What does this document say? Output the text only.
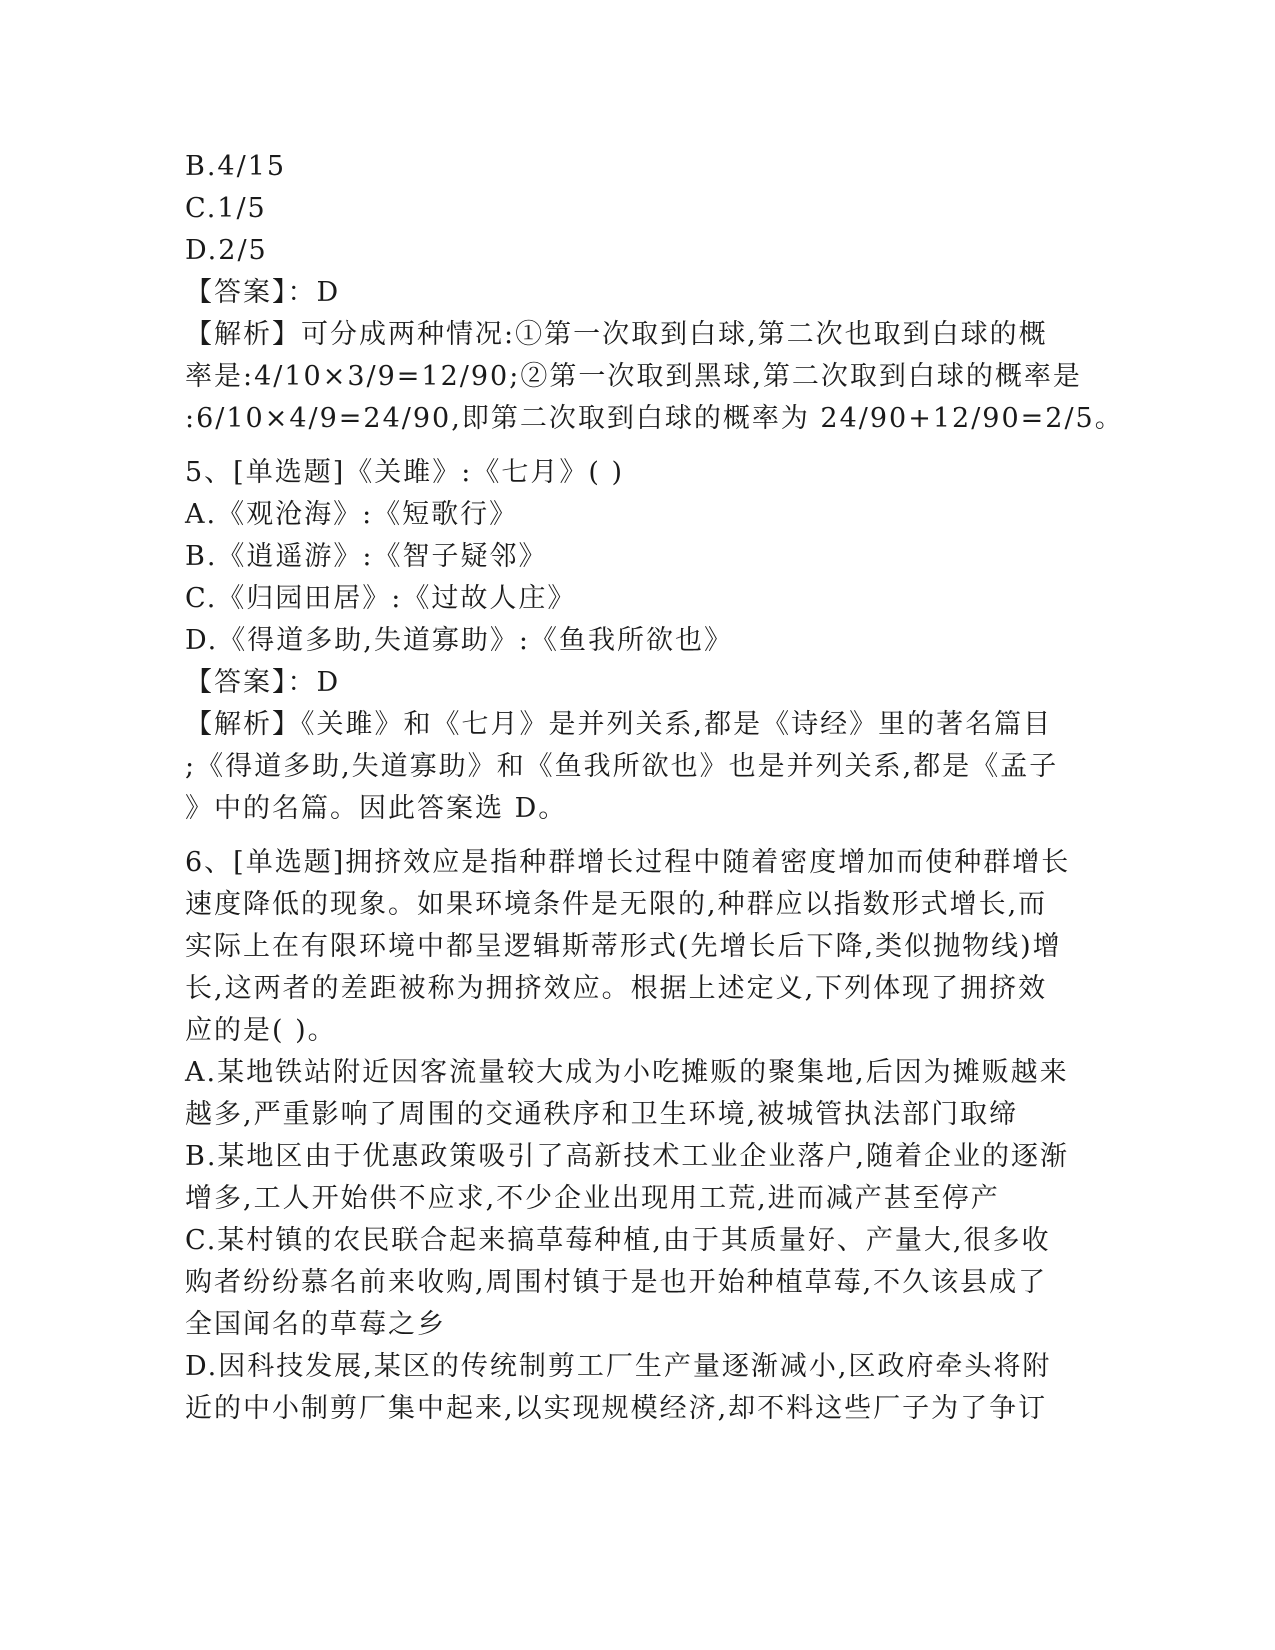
B.4/15
C.1/5
D.2/5
【答案】：D
【解析】可分成两种情况:①第一次取到白球,第二次也取到白球的概
率是:4/10×3/9=12/90;②第一次取到黑球,第二次取到白球的概率是
:6/10×4/9=24/90,即第二次取到白球的概率为 24/90+12/90=2/5。
5、[单选题]《关雎》:《七月》( )
A.《观沧海》:《短歌行》
B.《逍遥游》:《智子疑邻》
C.《归园田居》:《过故人庄》
D.《得道多助,失道寡助》:《鱼我所欲也》
【答案】：D
【解析】《关雎》和《七月》是并列关系,都是《诗经》里的著名篇目
;《得道多助,失道寡助》和《鱼我所欲也》也是并列关系,都是《孟子
》中的名篇。因此答案选 D。
6、[单选题]拥挤效应是指种群增长过程中随着密度增加而使种群增长
速度降低的现象。如果环境条件是无限的,种群应以指数形式增长,而
实际上在有限环境中都呈逻辑斯蒂形式(先增长后下降,类似抛物线)增
长,这两者的差距被称为拥挤效应。根据上述定义,下列体现了拥挤效
应的是( )。
A.某地铁站附近因客流量较大成为小吃摊贩的聚集地,后因为摊贩越来
越多,严重影响了周围的交通秩序和卫生环境,被城管执法部门取缔
B.某地区由于优惠政策吸引了高新技术工业企业落户,随着企业的逐渐
增多,工人开始供不应求,不少企业出现用工荒,进而减产甚至停产
C.某村镇的农民联合起来搞草莓种植,由于其质量好、产量大,很多收
购者纷纷慕名前来收购,周围村镇于是也开始种植草莓,不久该县成了
全国闻名的草莓之乡
D.因科技发展,某区的传统制剪工厂生产量逐渐减小,区政府牵头将附
近的中小制剪厂集中起来,以实现规模经济,却不料这些厂子为了争订
